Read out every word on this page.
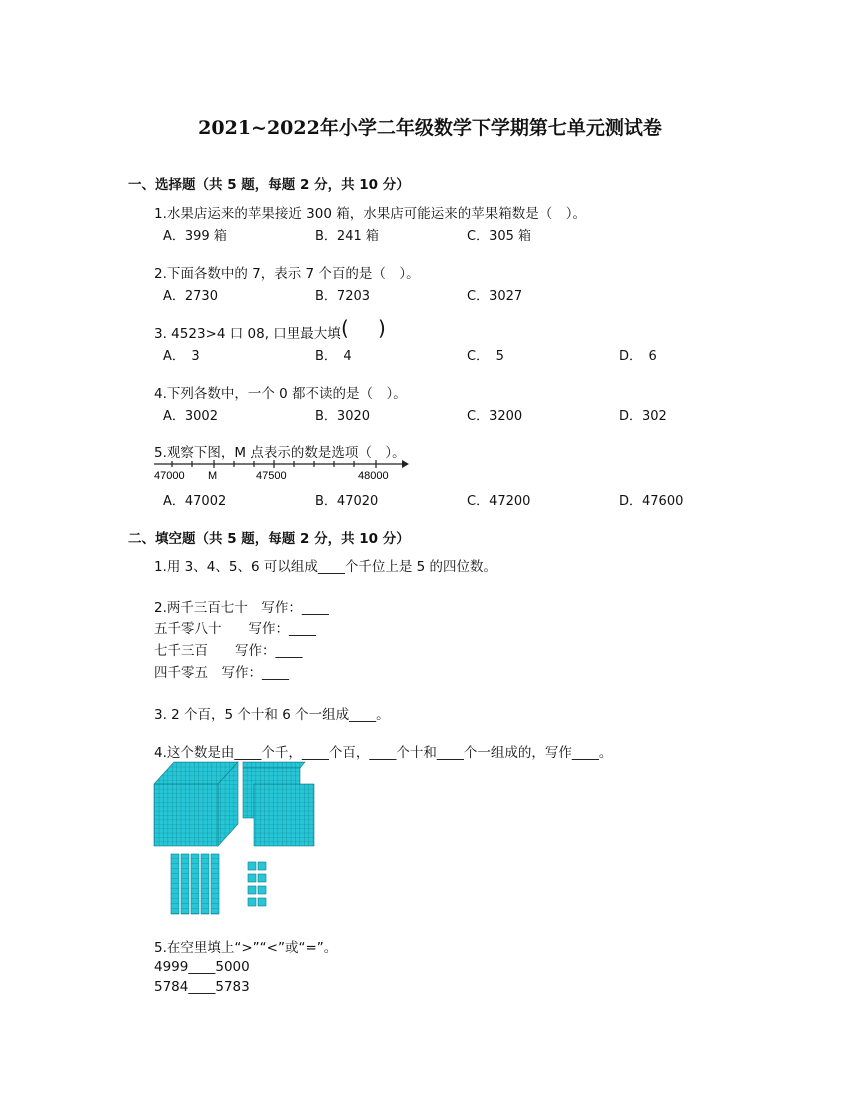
2021~2022年小学二年级数学下学期第七单元测试卷
一、选择题（共 5 题，每题 2 分，共 10 分）
1.水果店运来的苹果接近 300 箱，水果店可能运来的苹果箱数是（　）。
A．399 箱	B．241 箱	C．305 箱
2.下面各数中的 7，表示 7 个百的是（　）。
A．2730	B．7203	C．3027
3. 4523>4 口 08, 口里最大填 ( )
A．　3	B．　4	C．　5	D．　6
4.下列各数中，一个 0 都不读的是（　）。
A．3002	B．3020	C．3200	D．302
5.观察下图，M 点表示的数是选项（　）。
47000 M	47500	48000
A．47002	B．47020	C．47200	D．47600
二、填空题（共 5 题，每题 2 分，共 10 分）
1.用 3、4、5、6 可以组成____个千位上是 5 的四位数。
2.两千三百七十　写作：____
五千零八十　　写作：____
七千三百　　写作：____
四千零五　写作：____
3. 2 个百，5 个十和 6 个一组成____。
4.这个数是由____个千，____个百，____个十和____个一组成的，写作____。
5.在空里填上“>”“<”或“=”。
4999____5000
5784____5783
